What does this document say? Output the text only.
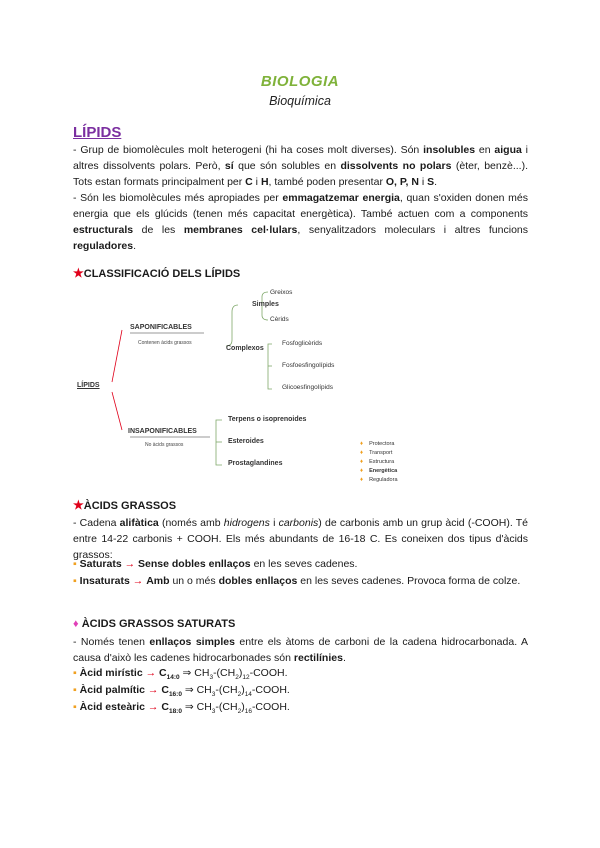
BIOLOGIA
Bioquímica
LÍPIDS
- Grup de biomolècules molt heterogeni (hi ha coses molt diverses). Són insolubles en aigua i altres dissolvents polars. Però, sí que són solubles en dissolvents no polars (èter, benzè...). Tots estan formats principalment per C i H, també poden presentar O, P, N i S.
- Són les biomolècules més apropiades per emmagatzemar energia, quan s'oxiden donen més energia que els glúcids (tenen més capacitat energètica). També actuen com a components estructurals de les membranes cel·lulars, senyalitzadors moleculars i altres funcions reguladores.
★CLASSIFICACIÓ DELS LÍPIDS
LÍPIDS
SAPONIFICABLES
Contenen àcids grassos
INSAPONIFICABLES
No àcids grassos
Simples
Greixos
Cèrids
Complexos
Fosfoglicèrids
Fosfoesfingolípids
Glicoesfingolípids
Terpens o isoprenoides
Esteroides
Prostaglandines
♦ Protectora
♦ Transport
♦ Estructura
♦ Energètica
♦ Reguladora
★ÀCIDS GRASSOS
- Cadena alifàtica (només amb hidrogens i carbonis) de carbonis amb un grup àcid (-COOH). Té entre 14-22 carbonis + COOH. Els més abundants de 16-18 C. Es coneixen dos tipus d'àcids grassos:
▪ Saturats → Sense dobles enllaços en les seves cadenes.
▪ Insaturats → Amb un o més dobles enllaços en les seves cadenes. Provoca forma de colze.
♦ ÀCIDS GRASSOS SATURATS
- Només tenen enllaços simples entre els àtoms de carboni de la cadena hidrocarbonada. A causa d'això les cadenes hidrocarbonades són rectilínies.
▪ Àcid mirístic → $C_{14:0}$ ⇒ $CH_3-(CH_2)_{12}$-COOH.
▪ Àcid palmític → $C_{16:0}$ ⇒ $CH_3-(CH_2)_{14}$-COOH.
▪ Àcid esteàric → $C_{18:0}$ ⇒ $CH_3-(CH_2)_{16}$-COOH.
